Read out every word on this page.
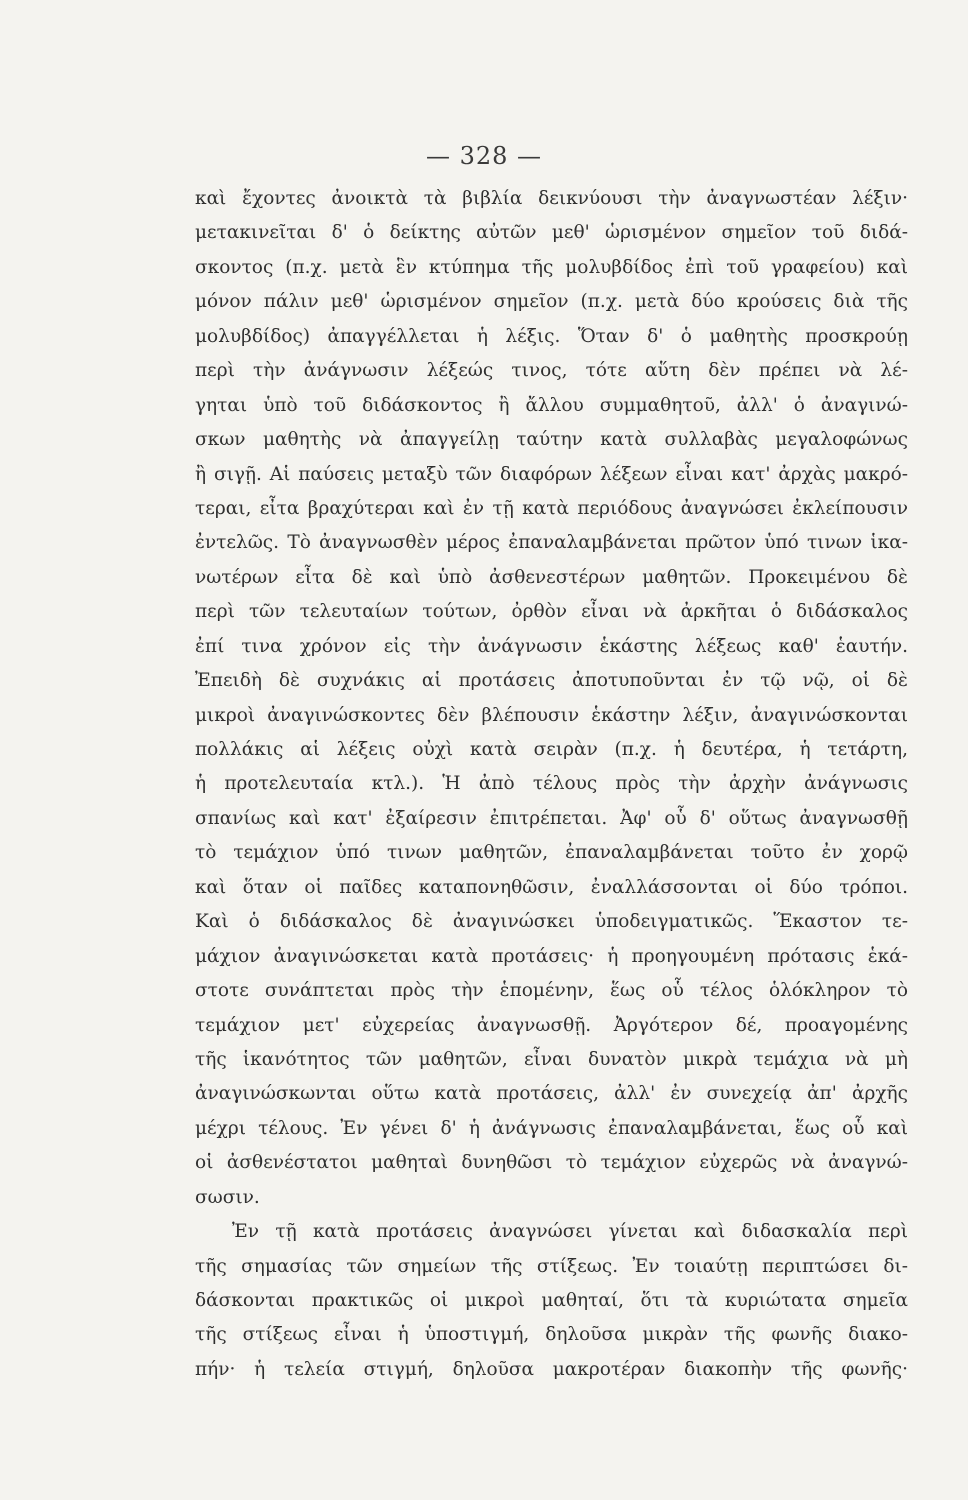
— 328 —
καὶ ἔχοντες ἀνοικτὰ τὰ βιβλία δεικνύουσι τὴν ἀναγνωστέαν λέξιν·
μετακινεῖται δ' ὁ δείκτης αὐτῶν μεθ' ὡρισμένον σημεῖον τοῦ διδά-
σκοντος (π.χ. μετὰ ἓν κτύπημα τῆς μολυβδίδος ἐπὶ τοῦ γραφείου) καὶ
μόνον πάλιν μεθ' ὡρισμένον σημεῖον (π.χ. μετὰ δύο κρούσεις διὰ τῆς
μολυβδίδος) ἀπαγγέλλεται ἡ λέξις. Ὅταν δ' ὁ μαθητὴς προσκρούῃ
περὶ τὴν ἀνάγνωσιν λέξεώς τινος, τότε αὕτη δὲν πρέπει νὰ λέ-
γηται ὑπὸ τοῦ διδάσκοντος ἢ ἄλλου συμμαθητοῦ, ἀλλ' ὁ ἀναγινώ-
σκων μαθητὴς νὰ ἀπαγγείλῃ ταύτην κατὰ συλλαβὰς μεγαλοφώνως
ἢ σιγῇ. Αἱ παύσεις μεταξὺ τῶν διαφόρων λέξεων εἶναι κατ' ἀρχὰς μακρό-
τεραι, εἶτα βραχύτεραι καὶ ἐν τῇ κατὰ περιόδους ἀναγνώσει ἐκλείπουσιν
ἐντελῶς. Τὸ ἀναγνωσθὲν μέρος ἐπαναλαμβάνεται πρῶτον ὑπό τινων ἱκα-
νωτέρων εἶτα δὲ καὶ ὑπὸ ἀσθενεστέρων μαθητῶν. Προκειμένου δὲ
περὶ τῶν τελευταίων τούτων, ὀρθὸν εἶναι νὰ ἀρκῆται ὁ διδάσκαλος
ἐπί τινα χρόνον εἰς τὴν ἀνάγνωσιν ἑκάστης λέξεως καθ' ἑαυτήν.
Ἐπειδὴ δὲ συχνάκις αἱ προτάσεις ἀποτυποῦνται ἐν τῷ νῷ, οἱ δὲ
μικροὶ ἀναγινώσκοντες δὲν βλέπουσιν ἑκάστην λέξιν, ἀναγινώσκονται
πολλάκις αἱ λέξεις οὐχὶ κατὰ σειρὰν (π.χ. ἡ δευτέρα, ἡ τετάρτη,
ἡ προτελευταία κτλ.). Ἡ ἀπὸ τέλους πρὸς τὴν ἀρχὴν ἀνάγνωσις
σπανίως καὶ κατ' ἐξαίρεσιν ἐπιτρέπεται. Ἀφ' οὗ δ' οὕτως ἀναγνωσθῇ
τὸ τεμάχιον ὑπό τινων μαθητῶν, ἐπαναλαμβάνεται τοῦτο ἐν χορῷ
καὶ ὅταν οἱ παῖδες καταπονηθῶσιν, ἐναλλάσσονται οἱ δύο τρόποι.
Καὶ ὁ διδάσκαλος δὲ ἀναγινώσκει ὑποδειγματικῶς. Ἕκαστον τε-
μάχιον ἀναγινώσκεται κατὰ προτάσεις· ἡ προηγουμένη πρότασις ἑκά-
στοτε συνάπτεται πρὸς τὴν ἑπομένην, ἕως οὗ τέλος ὁλόκληρον τὸ
τεμάχιον μετ' εὐχερείας ἀναγνωσθῇ. Ἀργότερον δέ, προαγομένης
τῆς ἱκανότητος τῶν μαθητῶν, εἶναι δυνατὸν μικρὰ τεμάχια νὰ μὴ
ἀναγινώσκωνται οὕτω κατὰ προτάσεις, ἀλλ' ἐν συνεχείᾳ ἀπ' ἀρχῆς
μέχρι τέλους. Ἐν γένει δ' ἡ ἀνάγνωσις ἐπαναλαμβάνεται, ἕως οὗ καὶ
οἱ ἀσθενέστατοι μαθηταὶ δυνηθῶσι τὸ τεμάχιον εὐχερῶς νὰ ἀναγνώ-
σωσιν.
Ἐν τῇ κατὰ προτάσεις ἀναγνώσει γίνεται καὶ διδασκαλία περὶ
τῆς σημασίας τῶν σημείων τῆς στίξεως. Ἐν τοιαύτῃ περιπτώσει δι-
δάσκονται πρακτικῶς οἱ μικροὶ μαθηταί, ὅτι τὰ κυριώτατα σημεῖα
τῆς στίξεως εἶναι ἡ ὑποστιγμή, δηλοῦσα μικρὰν τῆς φωνῆς διακο-
πήν· ἡ τελεία στιγμή, δηλοῦσα μακροτέραν διακοπὴν τῆς φωνῆς·
